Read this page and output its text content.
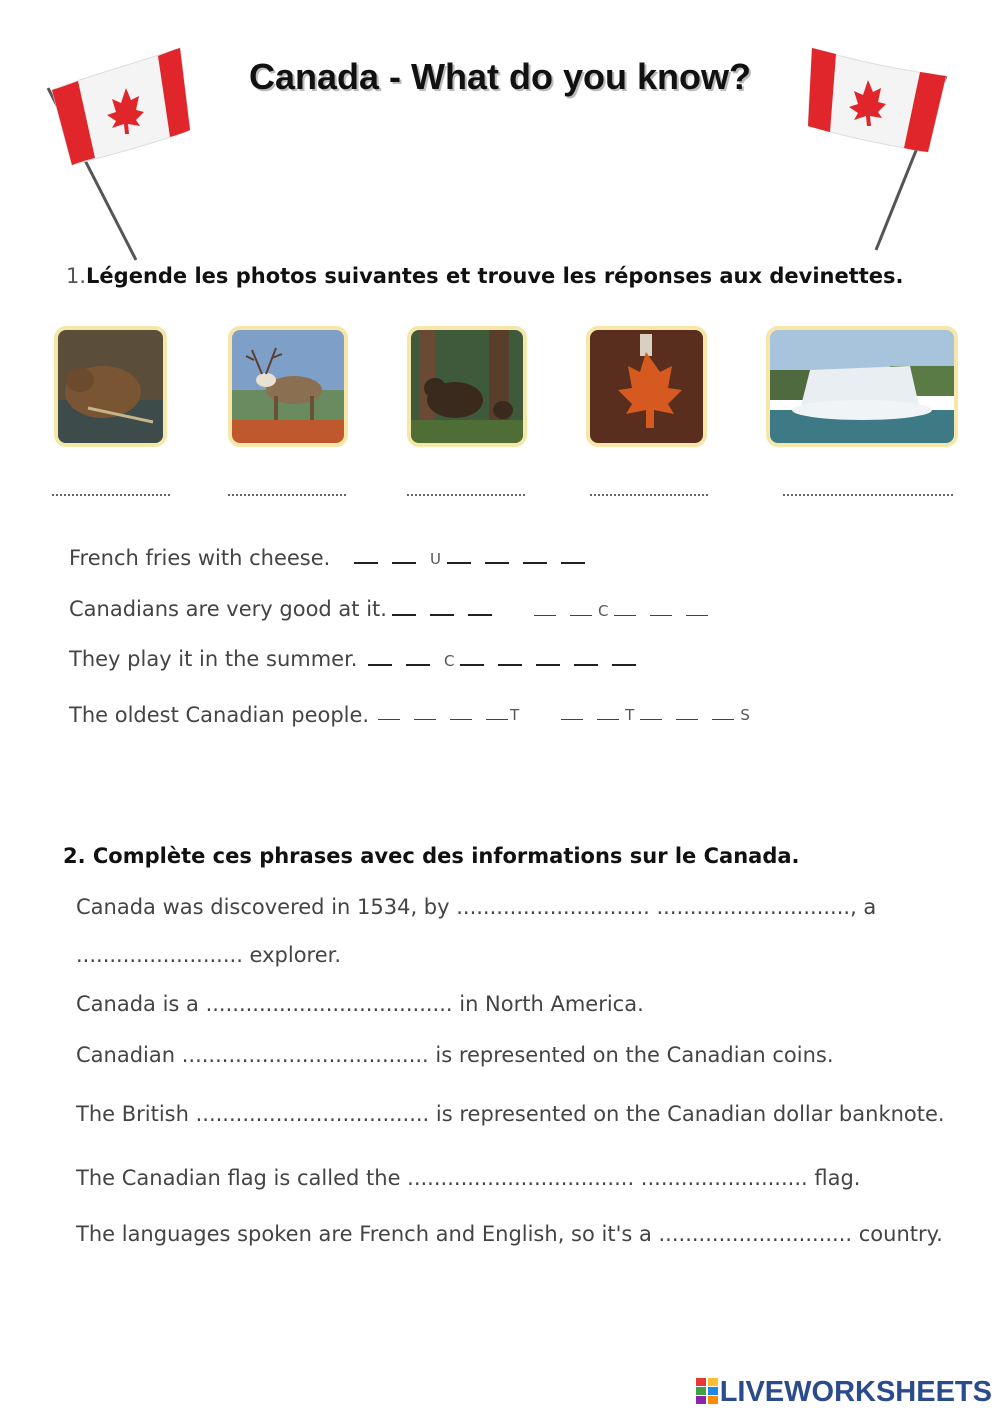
Canada - What do you know?
1.Légende les photos suivantes et trouve les réponses aux devinettes.
French fries with cheese.	U
Canadians are very good at it.	C
They play it in the summer.	C
The oldest Canadian people.	T	T	S
2. Complète ces phrases avec des informations sur le Canada.
Canada was discovered in 1534, by ............................. ............................., a
......................... explorer.
Canada is a ..................................... in North America.
Canadian ..................................... is represented on the Canadian coins.
The British ................................... is represented on the Canadian dollar banknote.
The Canadian flag is called the .................................. ......................... flag.
The languages spoken are French and English, so it's a ............................. country.
LIVEWORKSHEETS
